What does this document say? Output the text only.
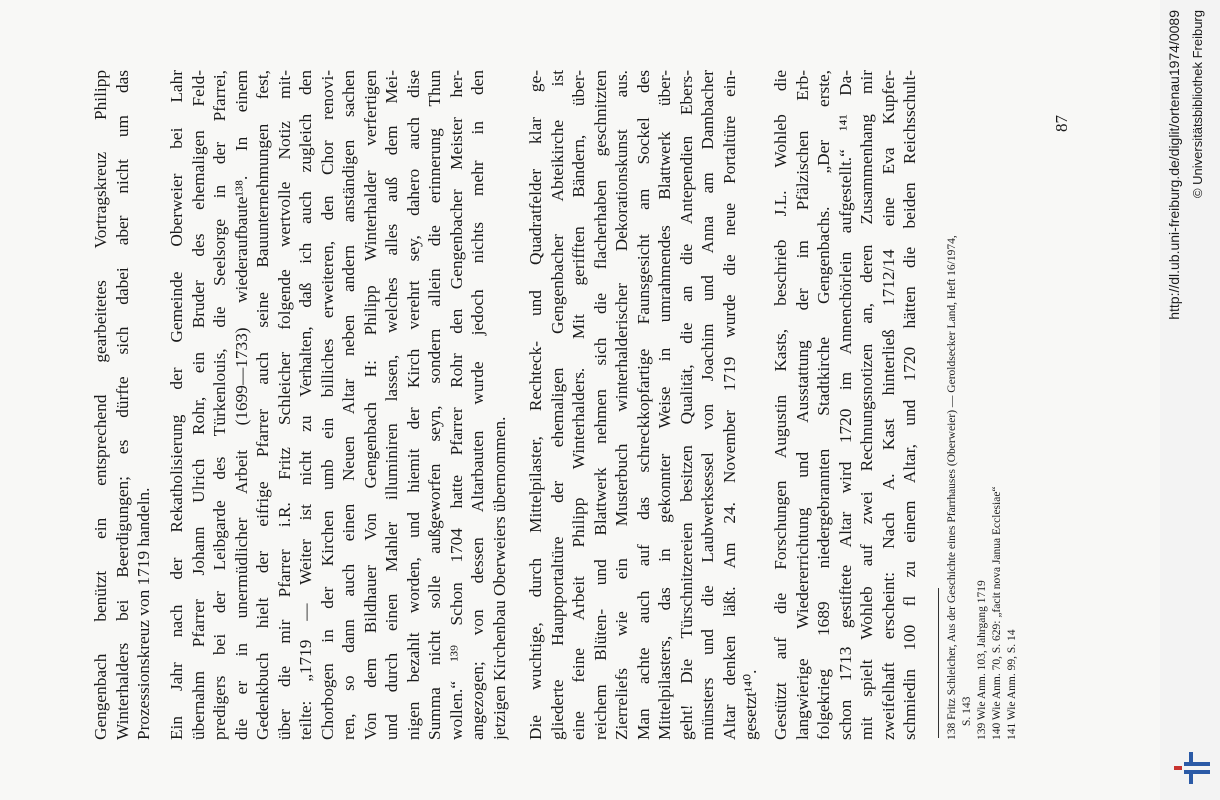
Gengenbach benützt ein entsprechend gearbeitetes Vortragskreuz Philipp Winterhalders bei Beerdigungen; es dürfte sich dabei aber nicht um das Prozessionskreuz von 1719 handeln. Ein Jahr nach der Rekatholisierung der Gemeinde Oberweier bei Lahr übernahm Pfarrer Johann Ulrich Rohr, ein Bruder des ehemaligen Feld- predigers bei der Leibgarde des Türkenlouis, die Seelsorge in der Pfarrei, die er in unermüdlicher Arbeit (1699—1733) wiederaufbaute¹³⁸. In einem Gedenkbuch hielt der eifrige Pfarrer auch seine Bauunternehmungen fest, über die mir Pfarrer i.R. Fritz Schleicher folgende wertvolle Notiz mit- teilte: „1719 — Weiter ist nicht zu Verhalten, daß ich auch zugleich den Chorbogen in der Kirchen umb ein billiches erweiteren, den Chor renovi- ren, so dann auch einen Neuen Altar neben andern anständigen sachen Von dem Bildhauer Von Gengenbach H: Philipp Winterhalder verfertigen und durch einen Mahler illuminiren lassen, welches alles auß dem Mei- nigen bezahlt worden, und hiemit der Kirch verehrt sey, dahero auch dise Summa nicht solle außgeworfen seyn, sondern allein die erinnerung Thun wollen.“ ¹³⁹ Schon 1704 hatte Pfarrer Rohr den Gengenbacher Meister her- angezogen; von dessen Altarbauten wurde jedoch nichts mehr in den jetzigen Kirchenbau Oberweiers übernommen. Die wuchtige, durch Mittelpilaster, Rechteck- und Quadratfelder klar ge- gliederte Hauptportaltüre der ehemaligen Gengenbacher Abteikirche ist eine feine Arbeit Philipp Winterhalders. Mit gerifften Bändern, über- reichem Blüten- und Blattwerk nehmen sich die flacherhaben geschnitzten Zierreliefs wie ein Musterbuch winterhalderischer Dekorationskunst aus. Man achte auch auf das schreckkopfartige Faunsgesicht am Sockel des Mittelpilasters, das in gekonnter Weise in umrahmendes Blattwerk über- geht! Die Türschnitzereien besitzen Qualität, die an die Antependien Ebers- münsters und die Laubwerksessel von Joachim und Anna am Dambacher Altar denken läßt. Am 24. November 1719 wurde die neue Portaltüre ein- gesetzt¹⁴⁰. Gestützt auf die Forschungen Augustin Kasts, beschrieb J.L. Wohleb die langwierige Wiedererrichtung und Ausstattung der im Pfälzischen Erb- folgekrieg 1689 niedergebrannten Stadtkirche Gengenbachs. „Der erste, schon 1713 gestiftete Altar wird 1720 im Annenchörlein aufgestellt.“ ¹⁴¹ Da- mit spielt Wohleb auf zwei Rechnungsnotizen an, deren Zusammenhang mir zweifelhaft erscheint: Nach A. Kast hinterließ 1712/14 eine Eva Kupfer- schmiedin 100 fl zu einem Altar, und 1720 hätten die beiden Reichsschult- 138 Fritz Schleicher, Aus der Geschichte eines Pfarrhauses (Oberweier) — Geroldsecker Land, Heft 16/1974, S. 143 139 Wie Anm. 103, Jahrgang 1719 140 Wie Anm. 70, S. 629: „facit nova Janua Ecclesiae“ 141 Wie Anm. 99, S. 14
87	http://dl.ub.uni-freiburg.de/diglit/ortenau1974/0089 © Universitätsbibliothek Freiburg
